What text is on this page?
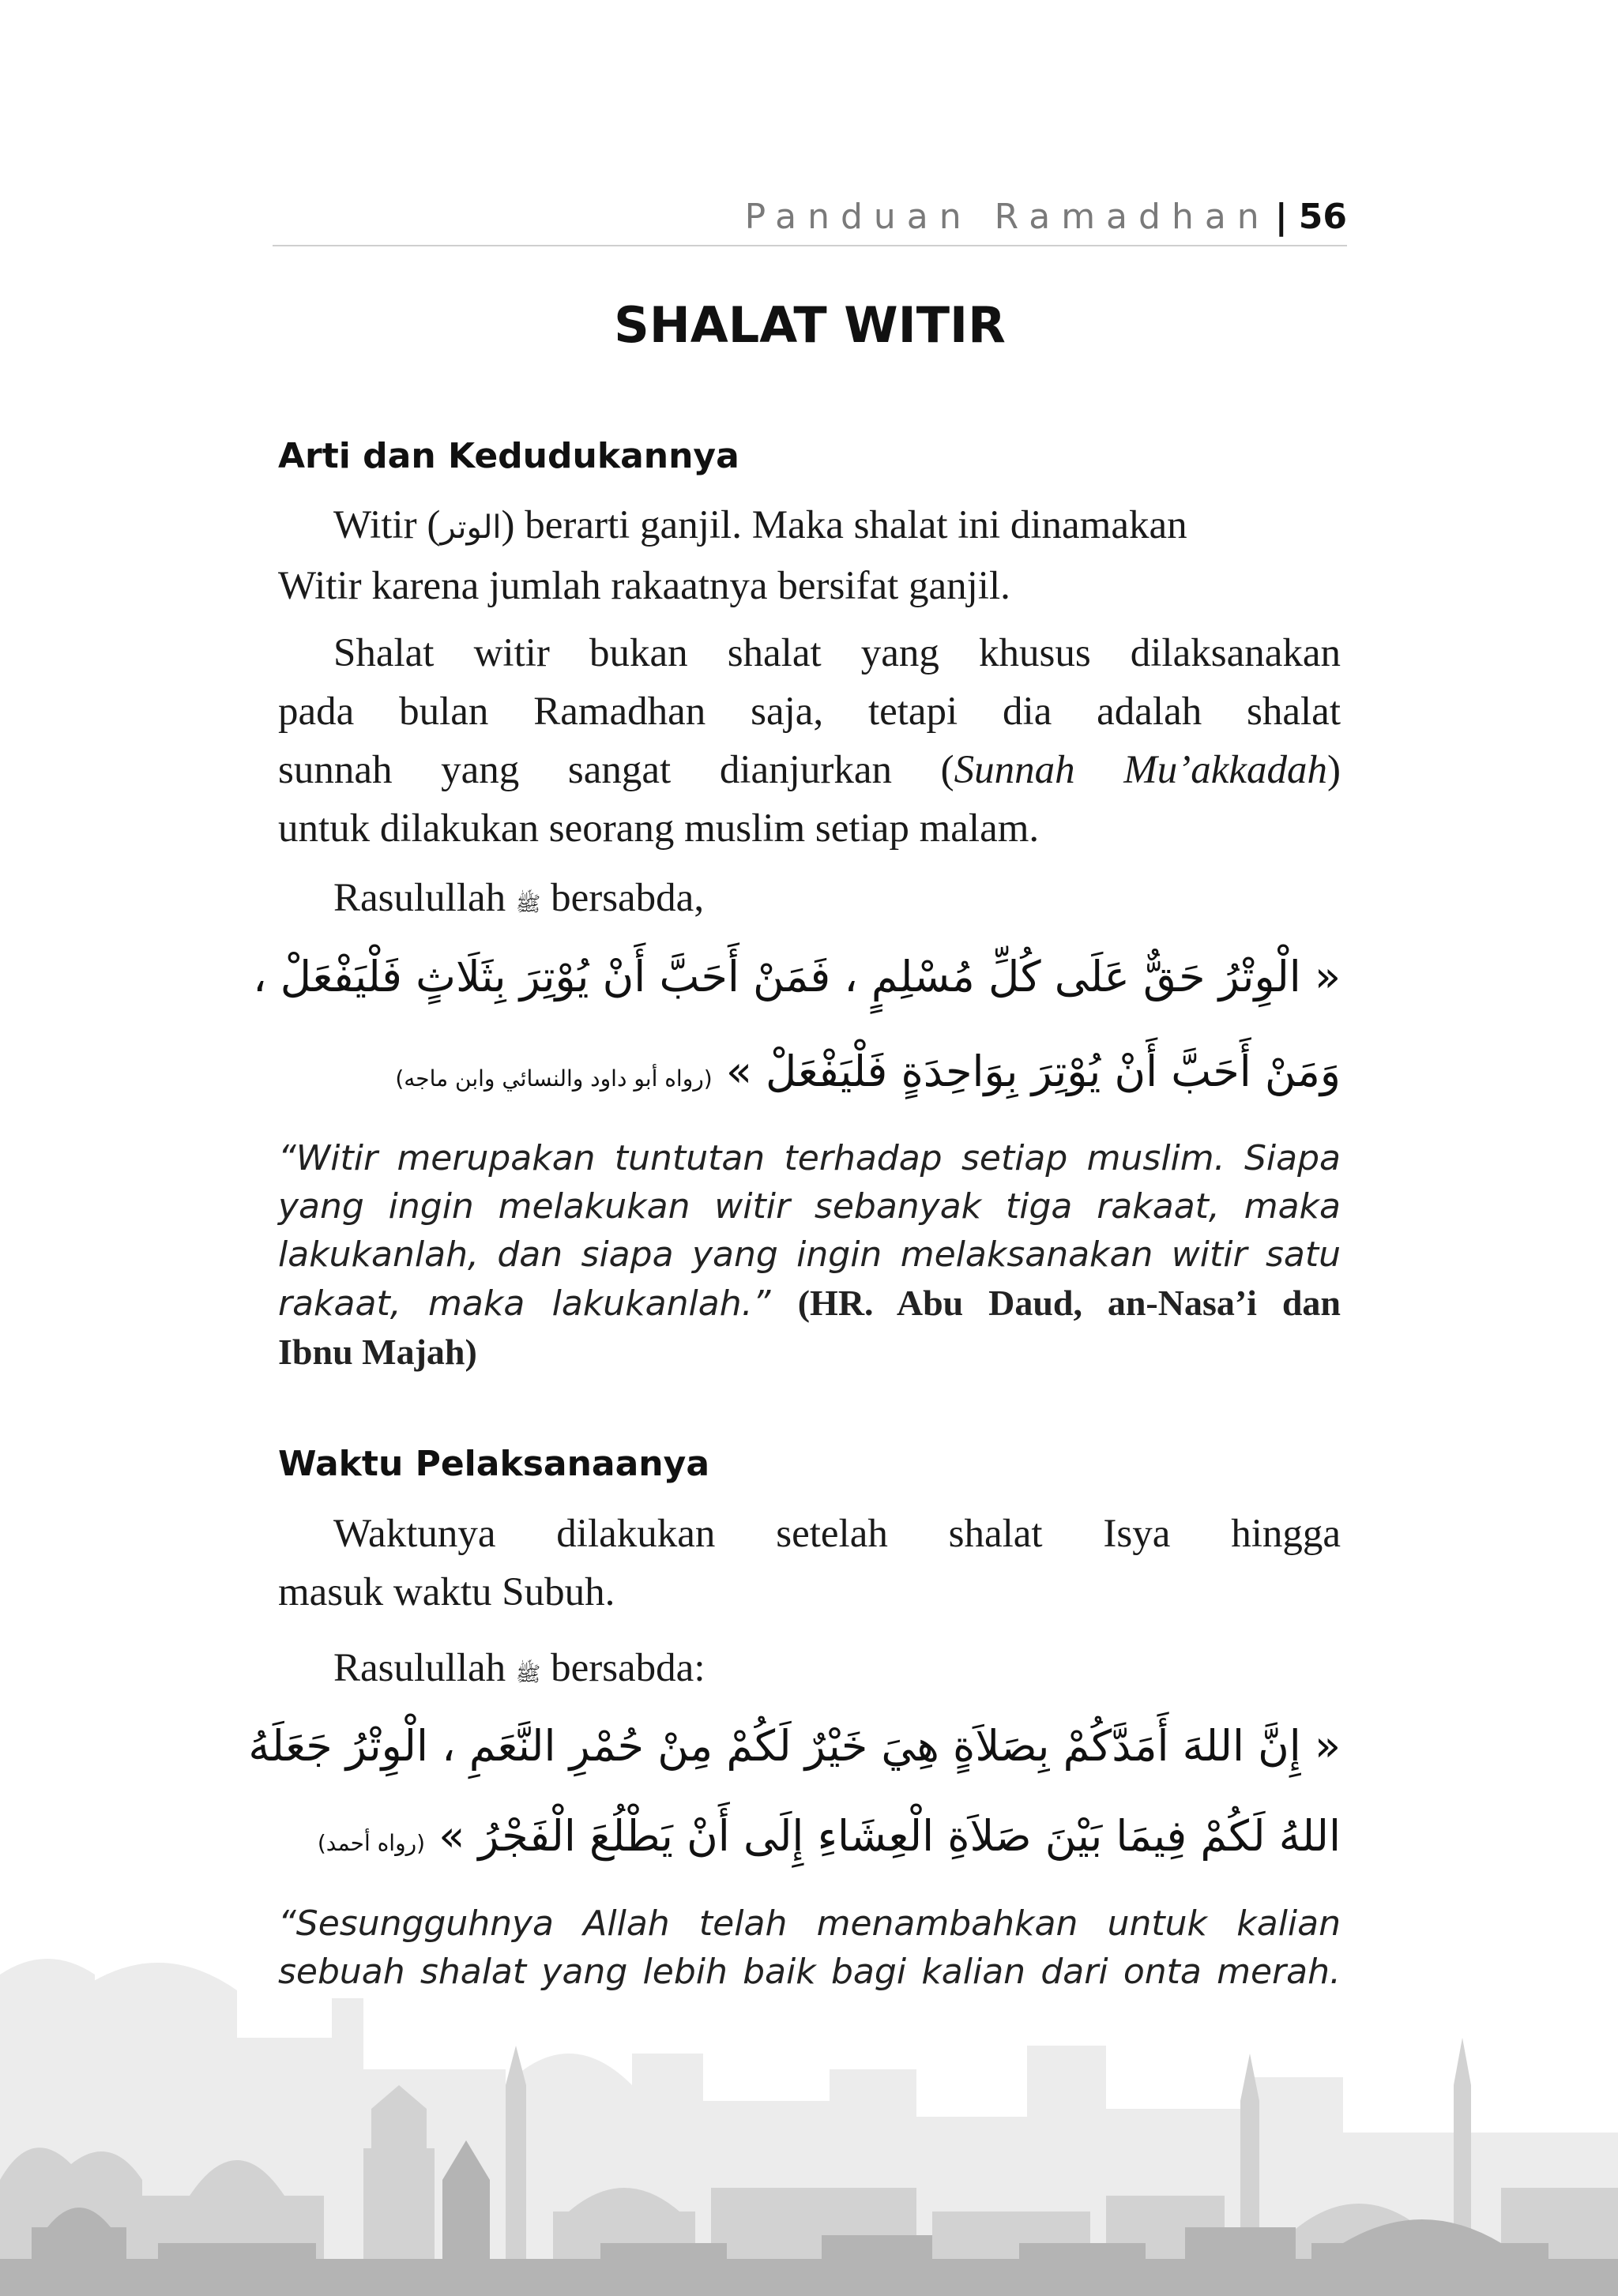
Panduan Ramadhan | 56
SHALAT WITIR
Arti dan Kedudukannya
Witir (الوتر) berarti ganjil. Maka shalat ini dinamakan
Witir karena jumlah rakaatnya bersifat ganjil.
Shalat witir bukan shalat yang khusus dilaksanakan
pada bulan Ramadhan saja, tetapi dia adalah shalat
sunnah yang sangat dianjurkan (Sunnah Mu’akkadah)
untuk dilakukan seorang muslim setiap malam.
Rasulullah ﷺ bersabda,
« الْوِتْرُ حَقٌّ عَلَى كُلِّ مُسْلِمٍ ، فَمَنْ أَحَبَّ أَنْ يُوْتِرَ بِثَلَاثٍ فَلْيَفْعَلْ ،
وَمَنْ أَحَبَّ أَنْ يُوْتِرَ بِوَاحِدَةٍ فَلْيَفْعَلْ » (رواه أبو داود والنسائي وابن ماجه)
“Witir merupakan tuntutan terhadap setiap muslim. Siapa
yang ingin melakukan witir sebanyak tiga rakaat, maka
lakukanlah, dan siapa yang ingin melaksanakan witir satu
rakaat, maka lakukanlah.” (HR. Abu Daud, an-Nasa’i dan
Ibnu Majah)
Waktu Pelaksanaanya
Waktunya dilakukan setelah shalat Isya hingga
masuk waktu Subuh.
Rasulullah ﷺ bersabda:
« إِنَّ اللهَ أَمَدَّكُمْ بِصَلاَةٍ هِيَ خَيْرٌ لَكُمْ مِنْ حُمْرِ النَّعَمِ ، الْوِتْرُ جَعَلَهُ
اللهُ لَكُمْ فِيمَا بَيْنَ صَلاَةِ الْعِشَاءِ إِلَى أَنْ يَطْلُعَ الْفَجْرُ » (رواه أحمد)
“Sesungguhnya Allah telah menambahkan untuk kalian
sebuah shalat yang lebih baik bagi kalian dari onta merah.
